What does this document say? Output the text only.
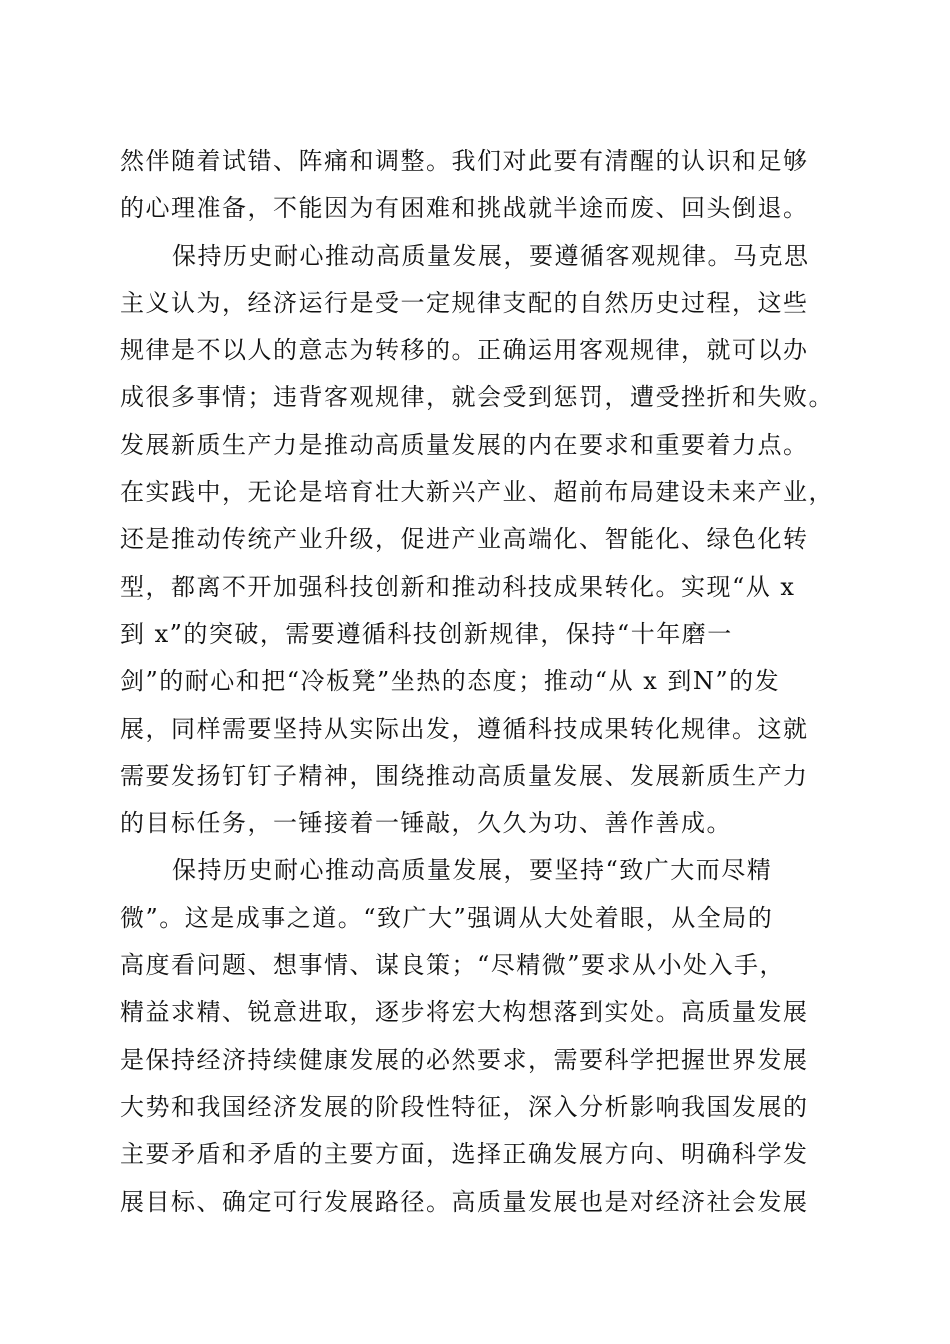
然伴随着试错、阵痛和调整。我们对此要有清醒的认识和足够
的心理准备，不能因为有困难和挑战就半途而废、回头倒退。
保持历史耐心推动高质量发展，要遵循客观规律。马克思
主义认为，经济运行是受一定规律支配的自然历史过程，这些
规律是不以人的意志为转移的。正确运用客观规律，就可以办
成很多事情；违背客观规律，就会受到惩罚，遭受挫折和失败。
发展新质生产力是推动高质量发展的内在要求和重要着力点。
在实践中，无论是培育壮大新兴产业、超前布局建设未来产业，
还是推动传统产业升级，促进产业高端化、智能化、绿色化转
型，都离不开加强科技创新和推动科技成果转化。实现“从 x
到 x”的突破，需要遵循科技创新规律，保持“十年磨一
剑”的耐心和把“冷板凳”坐热的态度；推动“从 x 到N”的发
展，同样需要坚持从实际出发，遵循科技成果转化规律。这就
需要发扬钉钉子精神，围绕推动高质量发展、发展新质生产力
的目标任务，一锤接着一锤敲，久久为功、善作善成。
保持历史耐心推动高质量发展，要坚持“致广大而尽精
微”。这是成事之道。“致广大”强调从大处着眼，从全局的
高度看问题、想事情、谋良策；“尽精微”要求从小处入手，
精益求精、锐意进取，逐步将宏大构想落到实处。高质量发展
是保持经济持续健康发展的必然要求，需要科学把握世界发展
大势和我国经济发展的阶段性特征，深入分析影响我国发展的
主要矛盾和矛盾的主要方面，选择正确发展方向、明确科学发
展目标、确定可行发展路径。高质量发展也是对经济社会发展
